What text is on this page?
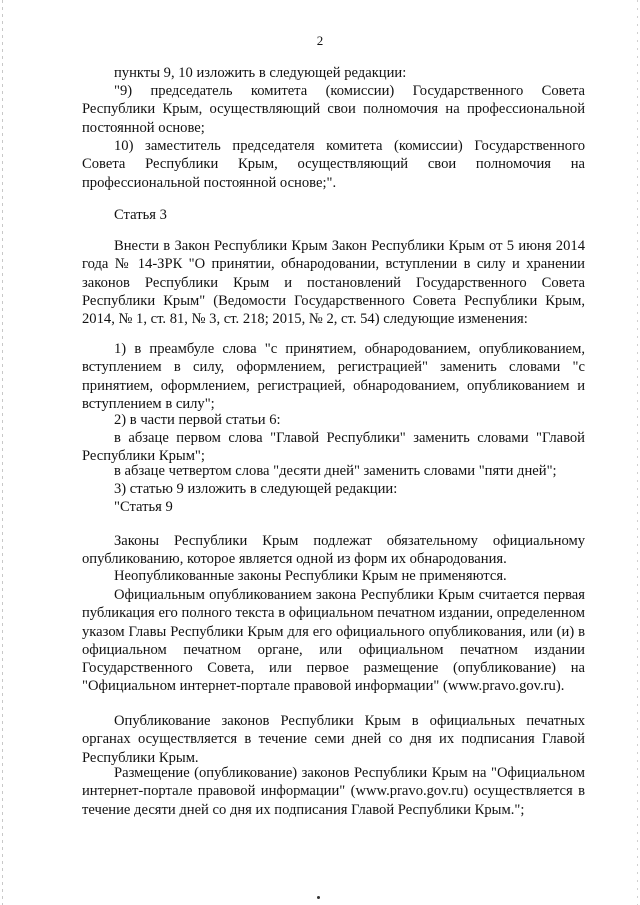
2

пункты 9, 10 изложить в следующей редакции:

"9) председатель комитета (комиссии) Государственного Совета Республики Крым, осуществляющий свои полномочия на профессиональной постоянной основе;

10) заместитель председателя комитета (комиссии) Государственного Совета Республики Крым, осуществляющий свои полномочия на профессиональной постоянной основе;".

Статья 3

Внести в Закон Республики Крым Закон Республики Крым от 5 июня 2014 года № 14-ЗРК "О принятии, обнародовании, вступлении в силу и хранении законов Республики Крым и постановлений Государственного Совета Республики Крым" (Ведомости Государственного Совета Республики Крым, 2014, № 1, ст. 81, № 3, ст. 218; 2015, № 2, ст. 54) следующие изменения:

1) в преамбуле слова "с принятием, обнародованием, опубликованием, вступлением в силу, оформлением, регистрацией" заменить словами "с принятием, оформлением, регистрацией, обнародованием, опубликованием и вступлением в силу";

2) в части первой статьи 6:

в абзаце первом слова "Главой Республики" заменить словами "Главой Республики Крым";

в абзаце четвертом слова "десяти дней" заменить словами "пяти дней";

3) статью 9 изложить в следующей редакции:

"Статья 9

Законы Республики Крым подлежат обязательному официальному опубликованию, которое является одной из форм их обнародования.

Неопубликованные законы Республики Крым не применяются.

Официальным опубликованием закона Республики Крым считается первая публикация его полного текста в официальном печатном издании, определенном указом Главы Республики Крым для его официального опубликования, или (и) в официальном печатном органе, или официальном печатном издании Государственного Совета, или первое размещение (опубликование) на "Официальном интернет-портале правовой информации" (www.pravo.gov.ru).

Опубликование законов Республики Крым в официальных печатных органах осуществляется в течение семи дней со дня их подписания Главой Республики Крым.

Размещение (опубликование) законов Республики Крым на "Официальном интернет-портале правовой информации" (www.pravo.gov.ru) осуществляется в течение десяти дней со дня их подписания Главой Республики Крым.";
